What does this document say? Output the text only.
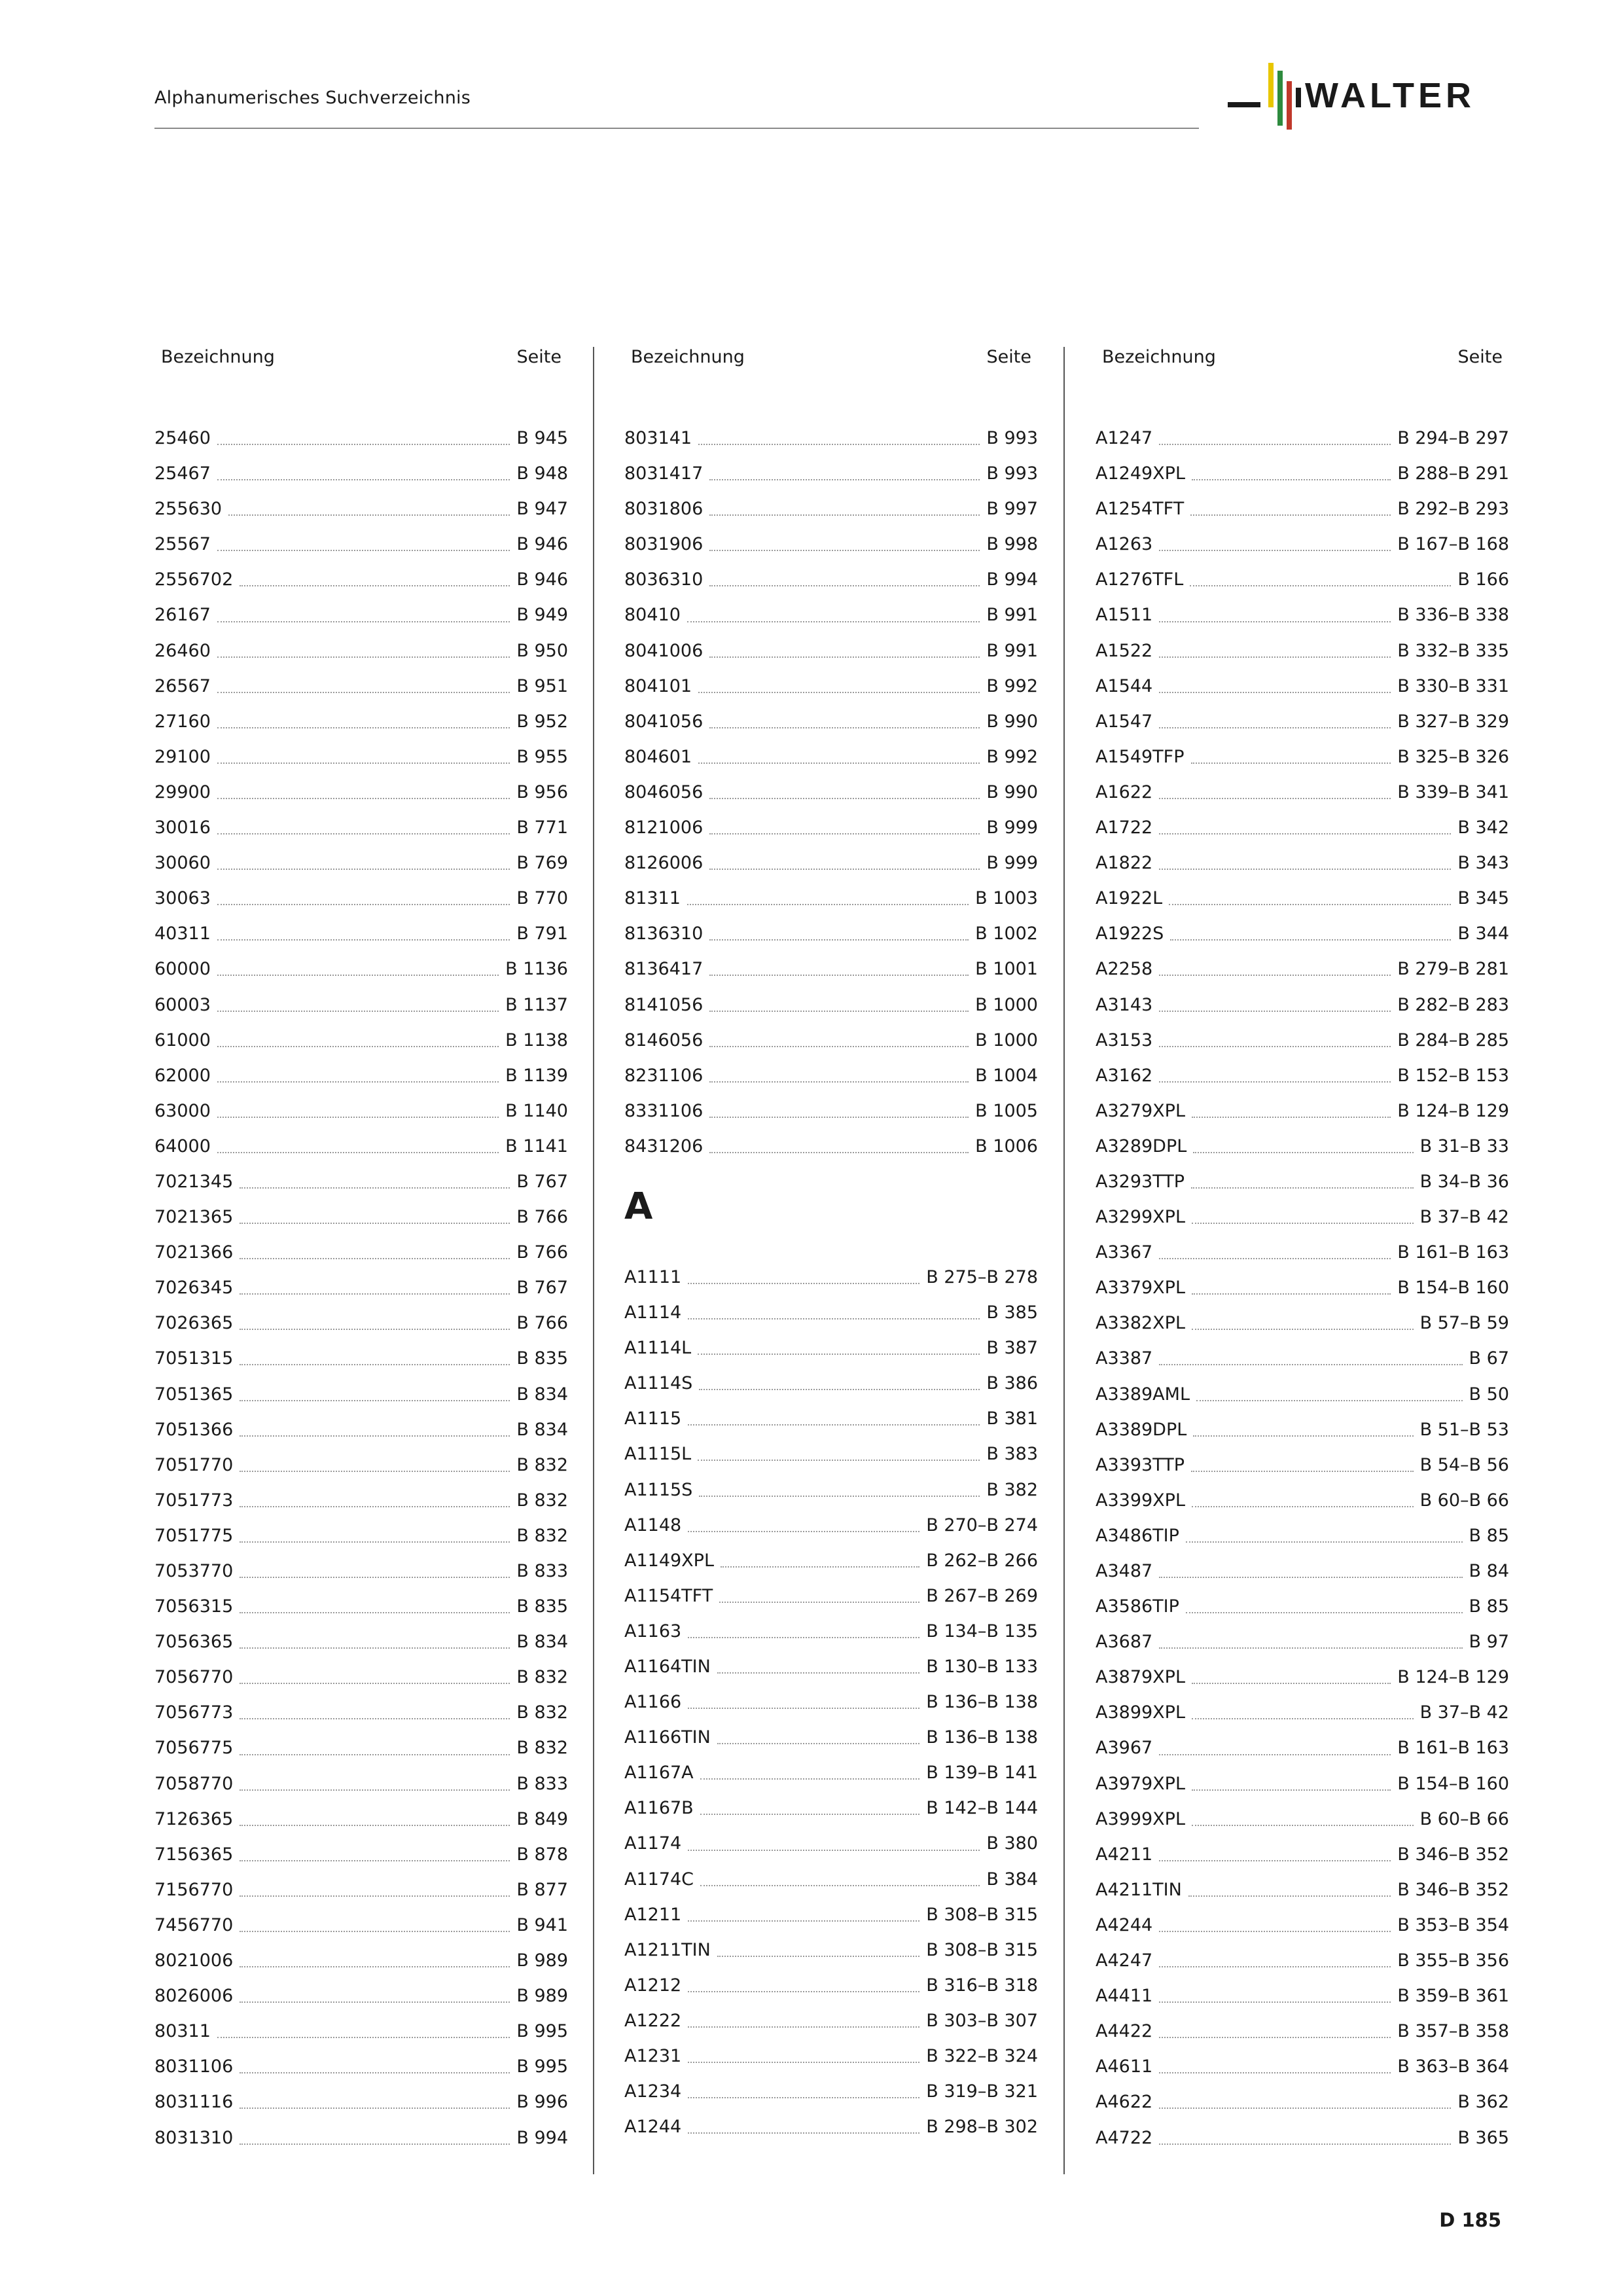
Alphanumerisches Suchverzeichnis	WALTER
Bezeichnung	Seite
25460	B 945
25467	B 948
255630	B 947
25567	B 946
2556702	B 946
26167	B 949
26460	B 950
26567	B 951
27160	B 952
29100	B 955
29900	B 956
30016	B 771
30060	B 769
30063	B 770
40311	B 791
60000	B 1136
60003	B 1137
61000	B 1138
62000	B 1139
63000	B 1140
64000	B 1141
7021345	B 767
7021365	B 766
7021366	B 766
7026345	B 767
7026365	B 766
7051315	B 835
7051365	B 834
7051366	B 834
7051770	B 832
7051773	B 832
7051775	B 832
7053770	B 833
7056315	B 835
7056365	B 834
7056770	B 832
7056773	B 832
7056775	B 832
7058770	B 833
7126365	B 849
7156365	B 878
7156770	B 877
7456770	B 941
8021006	B 989
8026006	B 989
80311	B 995
8031106	B 995
8031116	B 996
8031310	B 994
Bezeichnung	Seite
803141	B 993
8031417	B 993
8031806	B 997
8031906	B 998
8036310	B 994
80410	B 991
8041006	B 991
804101	B 992
8041056	B 990
804601	B 992
8046056	B 990
8121006	B 999
8126006	B 999
81311	B 1003
8136310	B 1002
8136417	B 1001
8141056	B 1000
8146056	B 1000
8231106	B 1004
8331106	B 1005
8431206	B 1006
A
A1111	B 275–B 278
A1114	B 385
A1114L	B 387
A1114S	B 386
A1115	B 381
A1115L	B 383
A1115S	B 382
A1148	B 270–B 274
A1149XPL	B 262–B 266
A1154TFT	B 267–B 269
A1163	B 134–B 135
A1164TIN	B 130–B 133
A1166	B 136–B 138
A1166TIN	B 136–B 138
A1167A	B 139–B 141
A1167B	B 142–B 144
A1174	B 380
A1174C	B 384
A1211	B 308–B 315
A1211TIN	B 308–B 315
A1212	B 316–B 318
A1222	B 303–B 307
A1231	B 322–B 324
A1234	B 319–B 321
A1244	B 298–B 302
Bezeichnung	Seite
A1247	B 294–B 297
A1249XPL	B 288–B 291
A1254TFT	B 292–B 293
A1263	B 167–B 168
A1276TFL	B 166
A1511	B 336–B 338
A1522	B 332–B 335
A1544	B 330–B 331
A1547	B 327–B 329
A1549TFP	B 325–B 326
A1622	B 339–B 341
A1722	B 342
A1822	B 343
A1922L	B 345
A1922S	B 344
A2258	B 279–B 281
A3143	B 282–B 283
A3153	B 284–B 285
A3162	B 152–B 153
A3279XPL	B 124–B 129
A3289DPL	B 31–B 33
A3293TTP	B 34–B 36
A3299XPL	B 37–B 42
A3367	B 161–B 163
A3379XPL	B 154–B 160
A3382XPL	B 57–B 59
A3387	B 67
A3389AML	B 50
A3389DPL	B 51–B 53
A3393TTP	B 54–B 56
A3399XPL	B 60–B 66
A3486TIP	B 85
A3487	B 84
A3586TIP	B 85
A3687	B 97
A3879XPL	B 124–B 129
A3899XPL	B 37–B 42
A3967	B 161–B 163
A3979XPL	B 154–B 160
A3999XPL	B 60–B 66
A4211	B 346–B 352
A4211TIN	B 346–B 352
A4244	B 353–B 354
A4247	B 355–B 356
A4411	B 359–B 361
A4422	B 357–B 358
A4611	B 363–B 364
A4622	B 362
A4722	B 365
D 185
